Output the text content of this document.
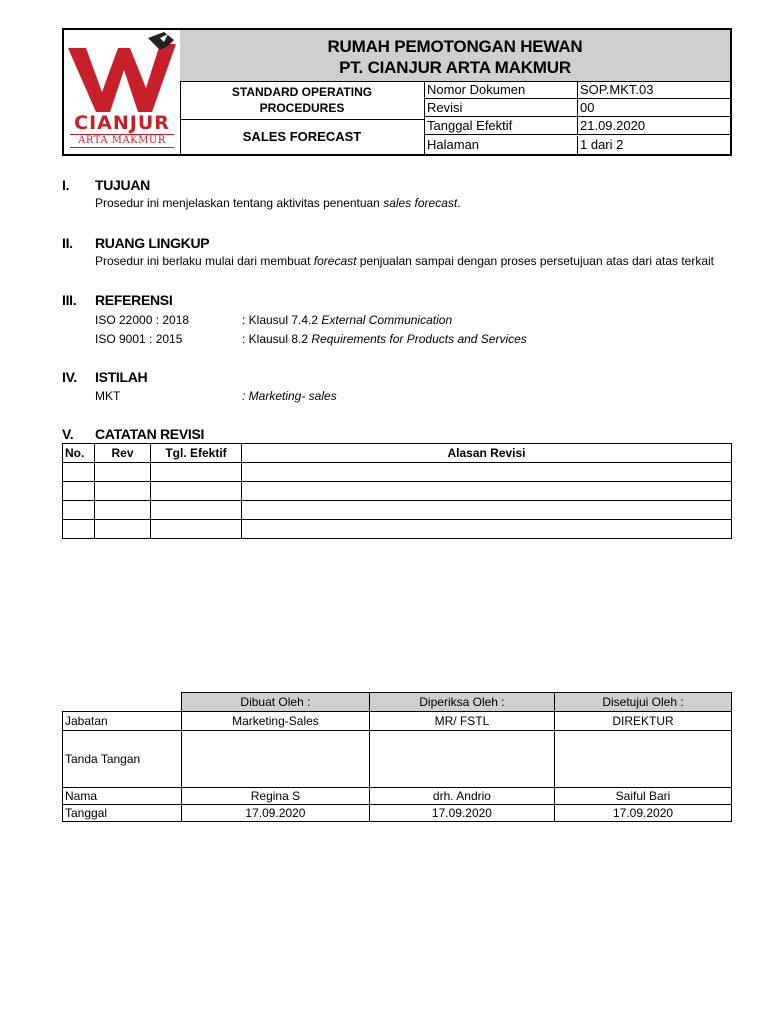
CIANJUR
ARTA MAKMUR
RUMAH PEMOTONGAN HEWAN
PT. CIANJUR ARTA MAKMUR
STANDARD OPERATING
PROCEDURES
SALES FORECAST
Nomor Dokumen	SOP.MKT.03
Revisi	00
Tanggal Efektif	21.09.2020
Halaman	1 dari 2
I. TUJUAN
Prosedur ini menjelaskan tentang aktivitas penentuan sales forecast.
II. RUANG LINGKUP
Prosedur ini berlaku mulai dari membuat forecast penjualan sampai dengan proses persetujuan atas dari atas terkait
III. REFERENSI
ISO 22000 : 2018	: Klausul 7.4.2 External Communication
ISO 9001 : 2015	: Klausul 8.2 Requirements for Products and Services
IV. ISTILAH
MKT	: Marketing- sales
V. CATATAN REVISI
No.	Rev	Tgl. Efektif	Alasan Revisi

	Dibuat Oleh :	Diperiksa Oleh :	Disetujui Oleh :
Jabatan	Marketing-Sales	MR/ FSTL	DIREKTUR
Tanda Tangan			
Nama	Regina S	drh. Andrio	Saiful Bari
Tanggal	17.09.2020	17.09.2020	17.09.2020
